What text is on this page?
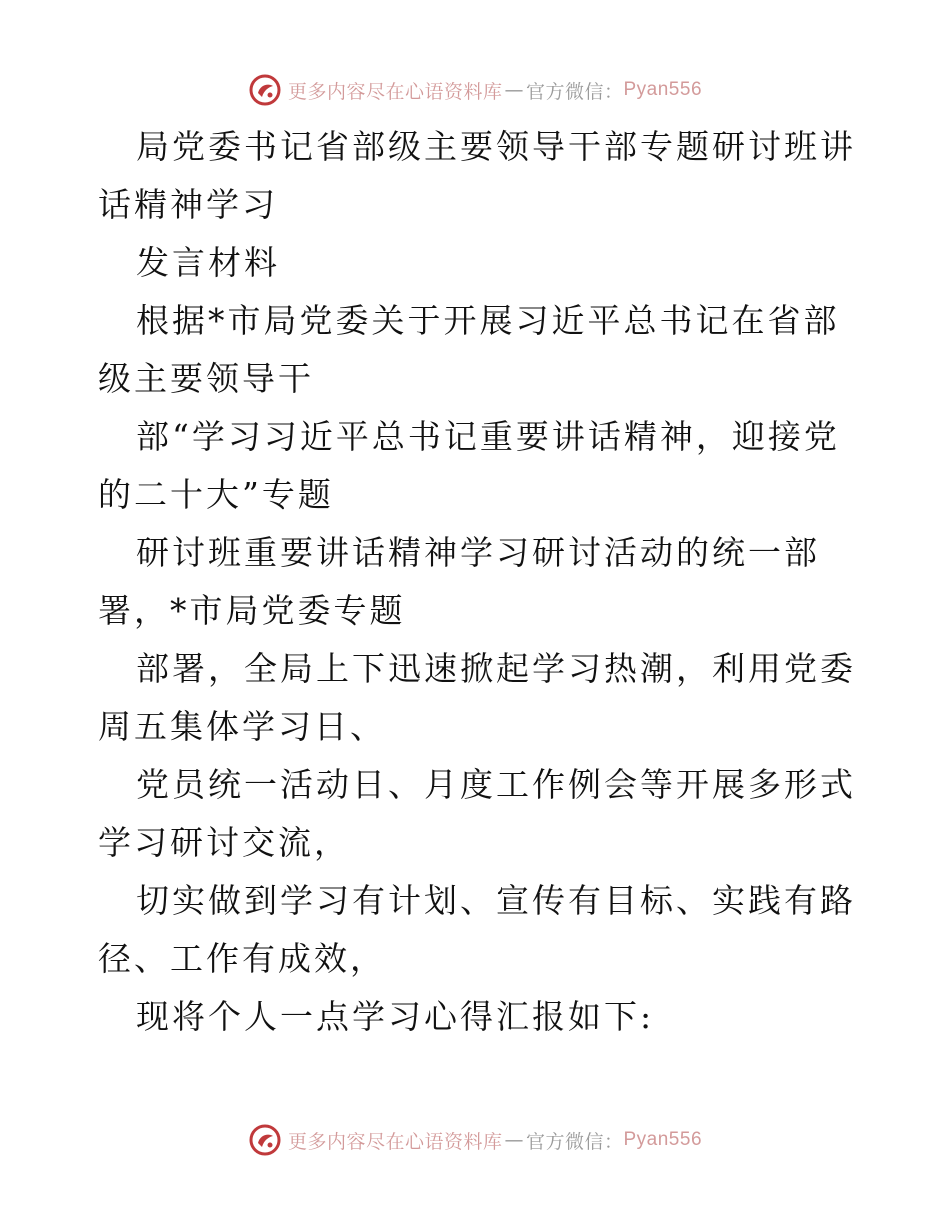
更多内容尽在心语资料库 — 官方微信： Pyan556

局党委书记省部级主要领导干部专题研讨班讲话精神学习

发言材料

根据*市局党委关于开展习近平总书记在省部级主要领导干

部“学习习近平总书记重要讲话精神，迎接党的二十大”专题

研讨班重要讲话精神学习研讨活动的统一部署，*市局党委专题

部署，全局上下迅速掀起学习热潮，利用党委周五集体学习日、

党员统一活动日、月度工作例会等开展多形式学习研讨交流，

切实做到学习有计划、宣传有目标、实践有路径、工作有成效，

现将个人一点学习心得汇报如下:

更多内容尽在心语资料库 — 官方微信： Pyan556
